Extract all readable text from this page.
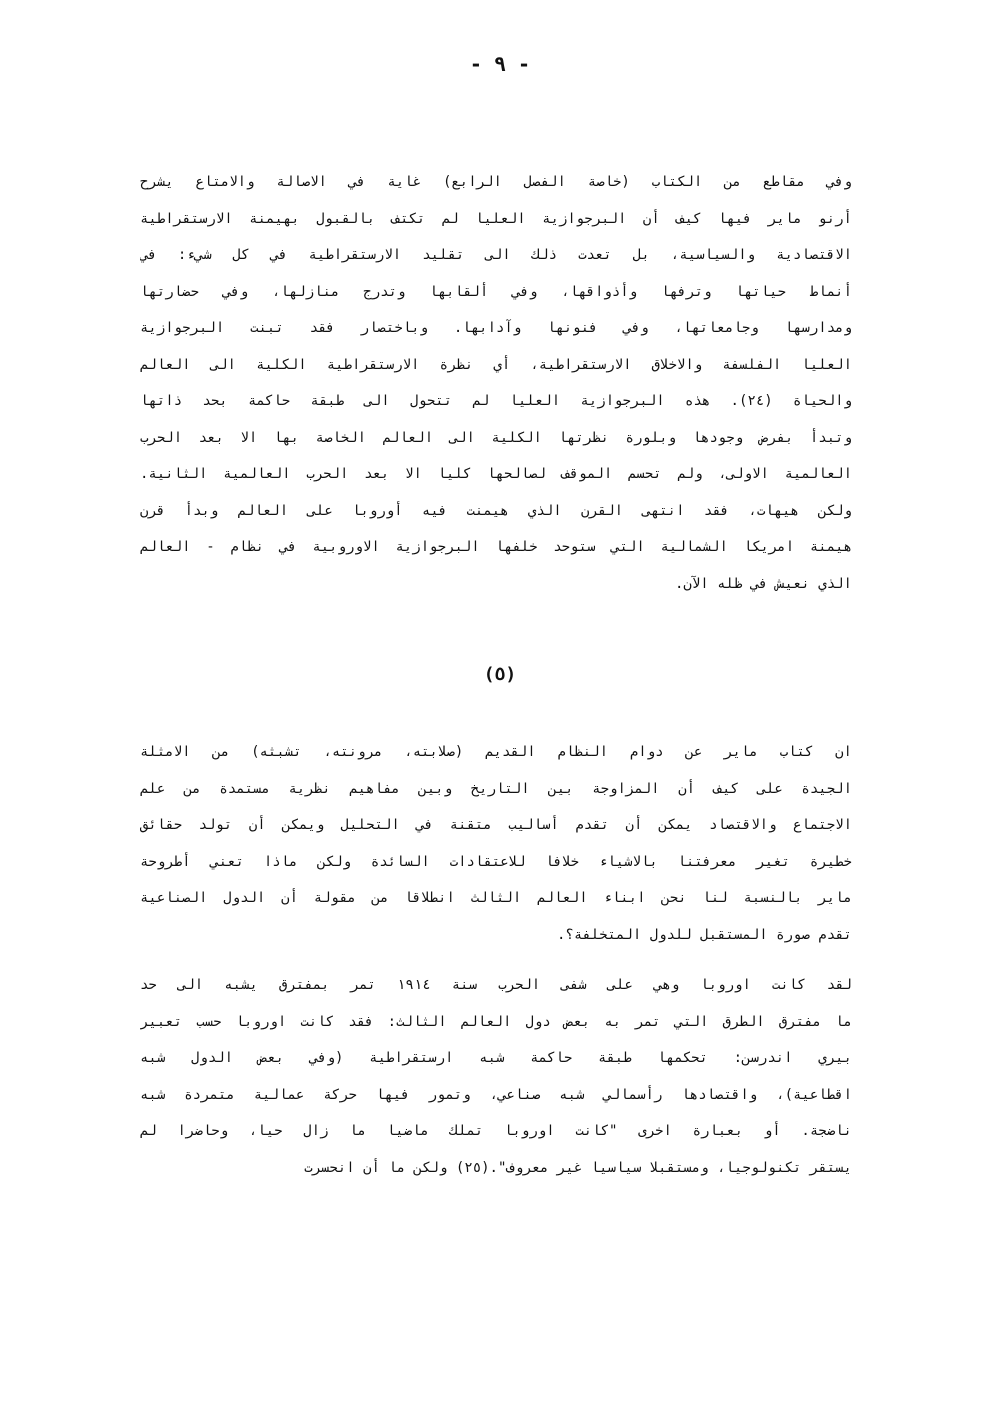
- ٩ -
وفي مقاطع من الكتاب (خاصة الفصل الرابع) غاية في الاصالة والامتاع يشرح
أرنو ماير فيها كيف أن البرجوازية العليا لم تكتف بالقبول بهيمنة الارستقراطية
الاقتصادية والسياسية، بل تعدت ذلك الى تقليد الارستقراطية في كل شيء: في
أنماط حياتها وترفها وأذواقها، وفي ألقابها وتدرج منازلها، وفي حضارتها
ومدارسها وجامعاتها، وفي فنونها وآدابها. وباختصار فقد تبنت البرجوازية
العليا الفلسفة والاخلاق الارستقراطية، أي نظرة الارستقراطية الكلية الى العالم
والحياة (٢٤). هذه البرجوازية العليا لم تتحول الى طبقة حاكمة بحد ذاتها
وتبدأ بفرض وجودها وبلورة نظرتها الكلية الى العالم الخاصة بها الا بعد الحرب
العالمية الاولى، ولم تحسم الموقف لصالحها كليا الا بعد الحرب العالمية الثانية.
ولكن هيهات، فقد انتهى القرن الذي هيمنت فيه أوروبا على العالم وبدأ قرن
هيمنة امريكا الشمالية التي ستوحد خلفها البرجوازية الاوروبية في نظام - العالم
الذي نعيش في ظله الآن.
(٥)
ان كتاب ماير عن دوام النظام القديم (صلابته، مرونته، تشبثه) من الامثلة
الجيدة على كيف أن المزاوجة بين التاريخ وبين مفاهيم نظرية مستمدة من علم
الاجتماع والاقتصاد يمكن أن تقدم أساليب متقنة في التحليل ويمكن أن تولد حقائق
خطيرة تغير معرفتنا بالاشياء خلافا للاعتقادات السائدة ولكن ماذا تعني أطروحة
ماير بالنسبة لنا نحن ابناء العالم الثالث انطلاقا من مقولة أن الدول الصناعية
تقدم صورة المستقبل للدول المتخلفة؟.
لقد كانت اوروبا وهي على شفى الحرب سنة ١٩١٤ تمر بمفترق يشبه الى حد
ما مفترق الطرق التي تمر به بعض دول العالم الثالث: فقد كانت اوروبا حسب تعبير
بيري اندرسن: تحكمها طبقة حاكمة شبه ارستقراطية (وفي بعض الدول شبه
اقطاعية)، واقتصادها رأسمالي شبه صناعي، وتمور فيها حركة عمالية متمردة شبه
ناضجة. أو بعبارة اخرى "كانت اوروبا تملك ماضيا ما زال حيا، وحاضرا لم
يستقر تكنولوجيا، ومستقبلا سياسيا غير معروف".(٢٥) ولكن ما أن انحسرت
